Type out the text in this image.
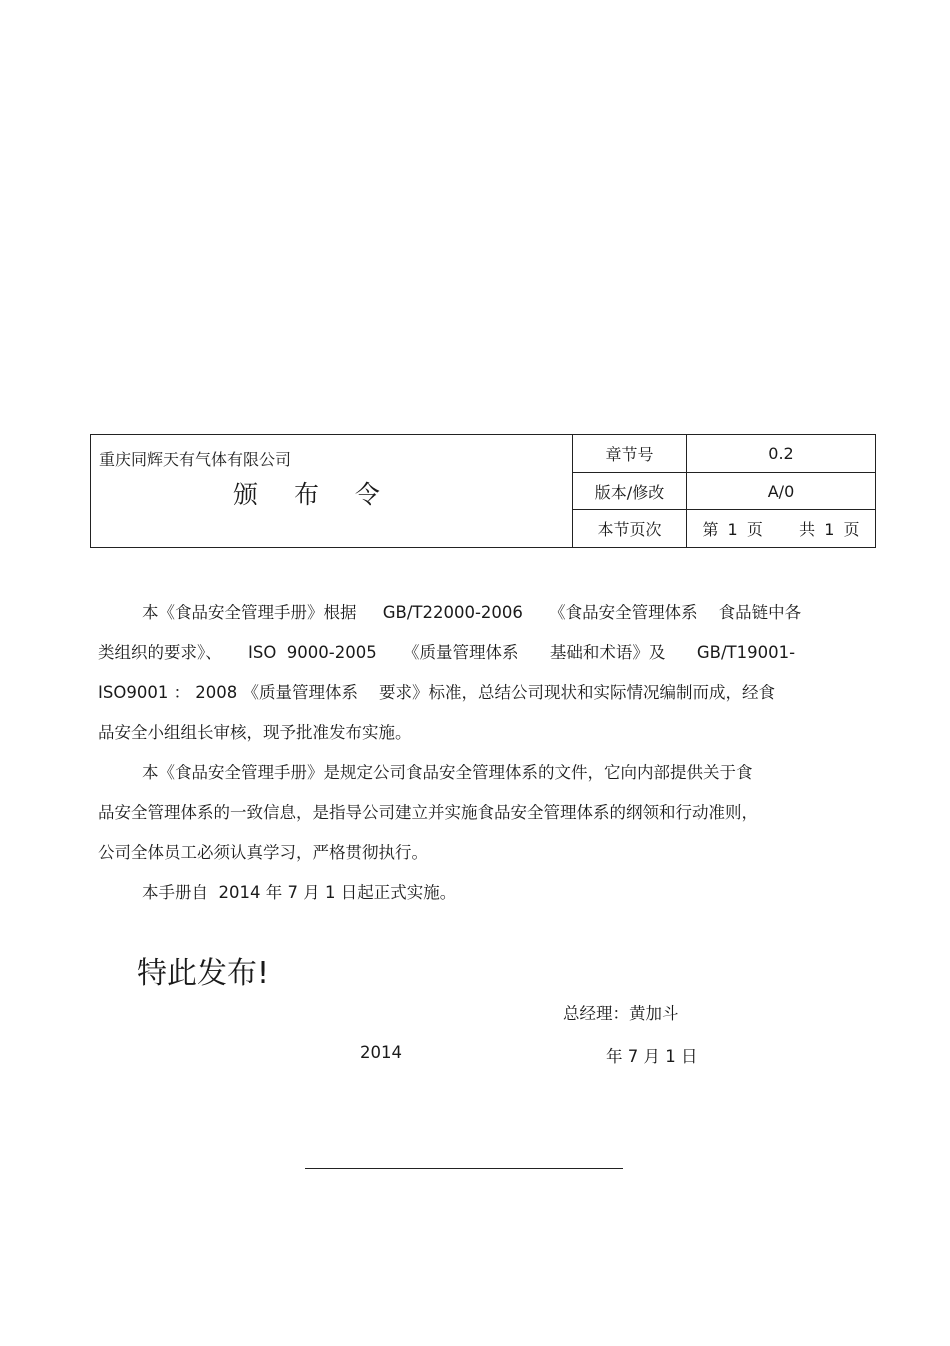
重庆同辉天有气体有限公司
颁 布 令
章节号	0.2
版本/修改	A/0
本节页次	第 1 页    共 1 页
本《食品安全管理手册》根据     GB/T22000-2006     《食品安全管理体系    食品链中各
类组织的要求》、     ISO  9000-2005     《质量管理体系      基础和术语》及      GB/T19001-
ISO9001 ： 2008 《质量管理体系    要求》标准，总结公司现状和实际情况编制而成，经食
品安全小组组长审核，现予批准发布实施。
本《食品安全管理手册》是规定公司食品安全管理体系的文件，它向内部提供关于食
品安全管理体系的一致信息，是指导公司建立并实施食品安全管理体系的纲领和行动准则，
公司全体员工必须认真学习，严格贯彻执行。
本手册自  2014 年 7 月 1 日起正式实施。
特此发布!
总经理：黄加斗
2014	年 7 月 1 日
